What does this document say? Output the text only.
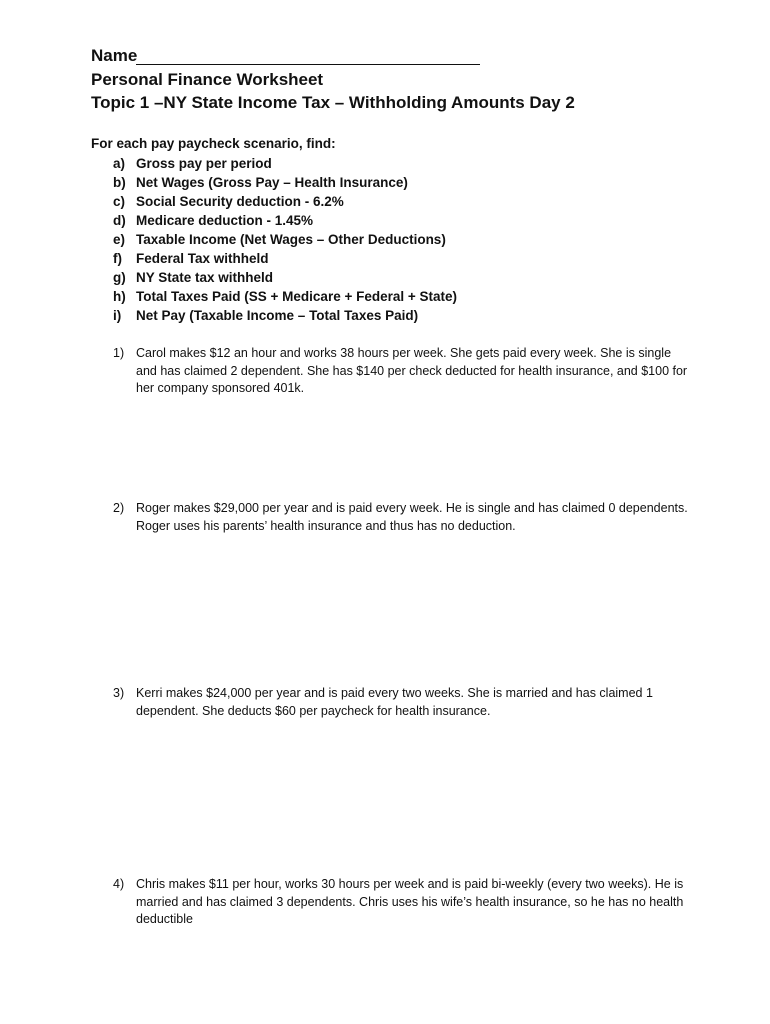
Name
Personal Finance Worksheet
Topic 1 –NY State Income Tax – Withholding Amounts Day 2
For each pay paycheck scenario, find:
a) Gross pay per period
b) Net Wages (Gross Pay – Health Insurance)
c) Social Security deduction - 6.2%
d) Medicare deduction - 1.45%
e) Taxable Income (Net Wages – Other Deductions)
f)	Federal Tax withheld
g) NY State tax withheld
h) Total Taxes Paid (SS + Medicare + Federal + State)
i)	Net Pay (Taxable Income – Total Taxes Paid)
1) Carol makes $12 an hour and works 38 hours per week. She gets paid every week. She is single and has claimed 2 dependent. She has $140 per check deducted for health insurance, and $100 for her company sponsored 401k.
2) Roger makes $29,000 per year and is paid every week. He is single and has claimed 0 dependents. Roger uses his parents’ health insurance and thus has no deduction.
3) Kerri makes $24,000 per year and is paid every two weeks. She is married and has claimed 1 dependent. She deducts $60 per paycheck for health insurance.
4) Chris makes $11 per hour, works 30 hours per week and is paid bi-weekly (every two weeks). He is married and has claimed 3 dependents. Chris uses his wife’s health insurance, so he has no health deductible
